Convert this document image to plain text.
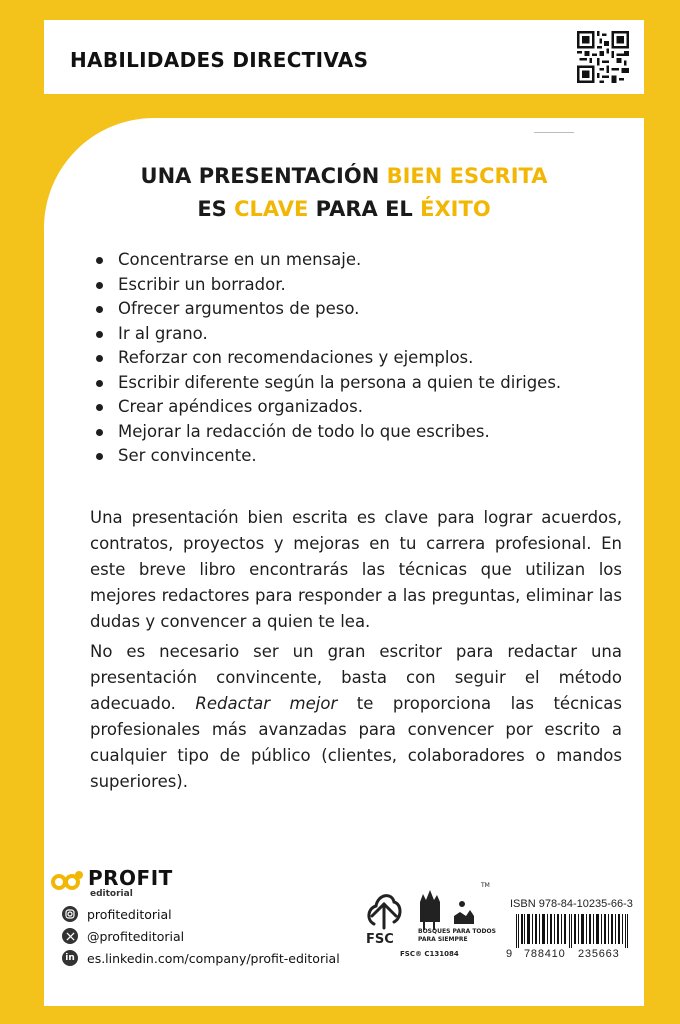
HABILIDADES DIRECTIVAS
UNA PRESENTACIÓN BIEN ESCRITA
ES CLAVE PARA EL ÉXITO
Concentrarse en un mensaje.
Escribir un borrador.
Ofrecer argumentos de peso.
Ir al grano.
Reforzar con recomendaciones y ejemplos.
Escribir diferente según la persona a quien te diriges.
Crear apéndices organizados.
Mejorar la redacción de todo lo que escribes.
Ser convincente.

Una presentación bien escrita es clave para lograr acuerdos, contratos, proyectos y mejoras en tu carrera profesional. En este breve libro encontrarás las técnicas que utilizan los mejores redactores para responder a las preguntas, eliminar las dudas y convencer a quien te lea.

No es necesario ser un gran escritor para redactar una presentación convincente, basta con seguir el método adecuado. Redactar mejor te proporciona las técnicas profesionales más avanzadas para convencer por escrito a cualquier tipo de público (clientes, colaboradores o mandos superiores).

PROFIT
editorial
profiteditorial
@profiteditorial
in es.linkedin.com/company/profit-editorial
FSC
TM
BOSQUES PARA TODOS
PARA SIEMPRE
FSC® C131084
ISBN 978-84-10235-66-3
9 788410 235663
